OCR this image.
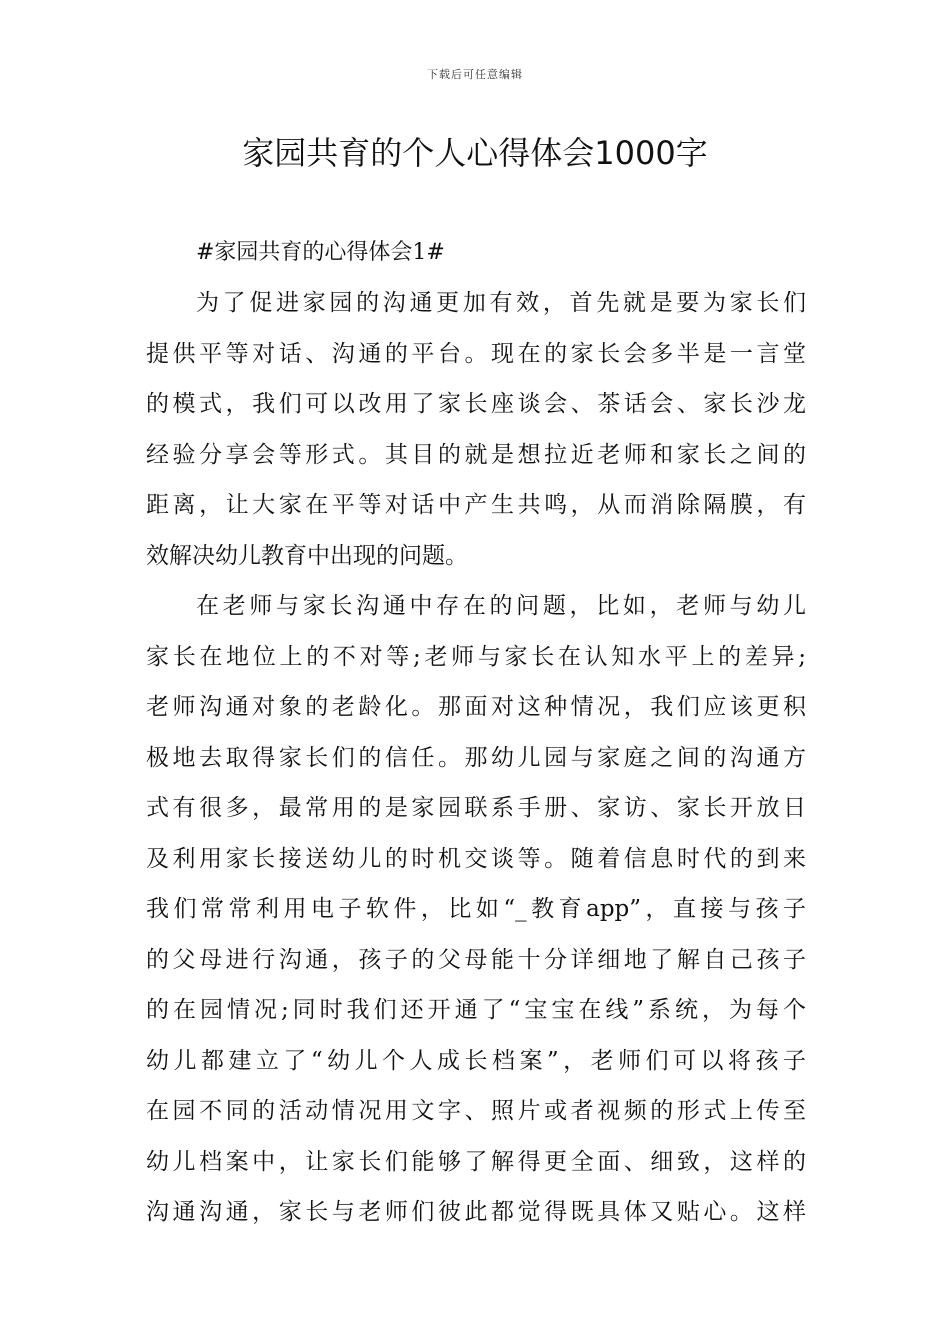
下载后可任意编辑
家园共育的个人心得体会1000字
#家园共育的心得体会1#
为了促进家园的沟通更加有效，首先就是要为家长们
提供平等对话、沟通的平台。现在的家长会多半是一言堂
的模式，我们可以改用了家长座谈会、茶话会、家长沙龙
经验分享会等形式。其目的就是想拉近老师和家长之间的
距离，让大家在平等对话中产生共鸣，从而消除隔膜，有
效解决幼儿教育中出现的问题。
在老师与家长沟通中存在的问题，比如，老师与幼儿
家长在地位上的不对等;老师与家长在认知水平上的差异;
老师沟通对象的老龄化。那面对这种情况，我们应该更积
极地去取得家长们的信任。那幼儿园与家庭之间的沟通方
式有很多，最常用的是家园联系手册、家访、家长开放日
及利用家长接送幼儿的时机交谈等。随着信息时代的到来
我们常常利用电子软件，比如“_教育app”，直接与孩子
的父母进行沟通，孩子的父母能十分详细地了解自己孩子
的在园情况;同时我们还开通了“宝宝在线”系统，为每个
幼儿都建立了“幼儿个人成长档案”，老师们可以将孩子
在园不同的活动情况用文字、照片或者视频的形式上传至
幼儿档案中，让家长们能够了解得更全面、细致，这样的
沟通沟通，家长与老师们彼此都觉得既具体又贴心。这样
